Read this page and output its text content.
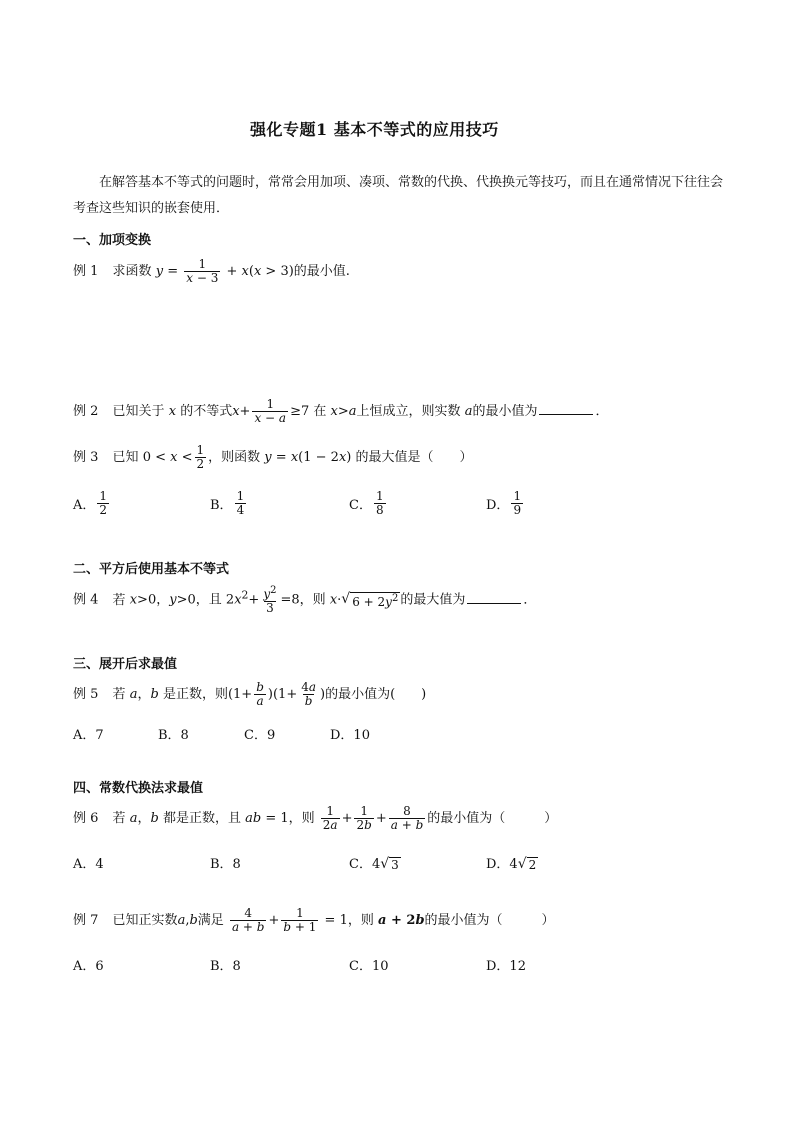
强化专题1 基本不等式的应用技巧
在解答基本不等式的问题时，常常会用加项、凑项、常数的代换、代换换元等技巧，而且在通常情况下往往会考查这些知识的嵌套使用．
一、加项变换
例 1 求函数 $y = \frac{1}{x - 3} + x(x > 3)$的最小值.
例 2 已知关于 x 的不等式$x+ \frac{1}{x - a} \ge 7$ 在 x>a上恒成立，则实数 a的最小值为	．
例 3 已知 $0 < x < \frac{1}{2}$ ，则函数 y = x(1 − 2x) 的最大值是（　　）
A． $\frac{1}{2}$	B． $\frac{1}{4}$	C． $\frac{1}{8}$	D． $\frac{1}{9}$
二、平方后使用基本不等式
例 4 若 x>0，y>0，且 $2x^2+ \frac{y^2}{3} =8$，则 x· √ $6 + 2y^2$ 的最大值为	．
三、展开后求最值
例 5 若 a，b 是正数，则$(1+ \frac{b}{a} )(1+ \frac{4a}{b}$ )的最小值为(　　)
A．7	B．8	C．9	D．10
四、常数代换法求最值
例 6 若 a，b 都是正数，且 ab = 1，则 $\frac{1}{2a} + \frac{1}{2b} + \frac{8}{a + b}$ 的最小值为（　　　）
A．4	B．8	C．4 √ 3	D．4 √ 2
例 7 已知正实数a,b满足 $\frac{4}{a + b} + \frac{1}{b + 1} = 1$，则 a + 2b的最小值为（　　　）
A．6	B．8	C．10	D．12
